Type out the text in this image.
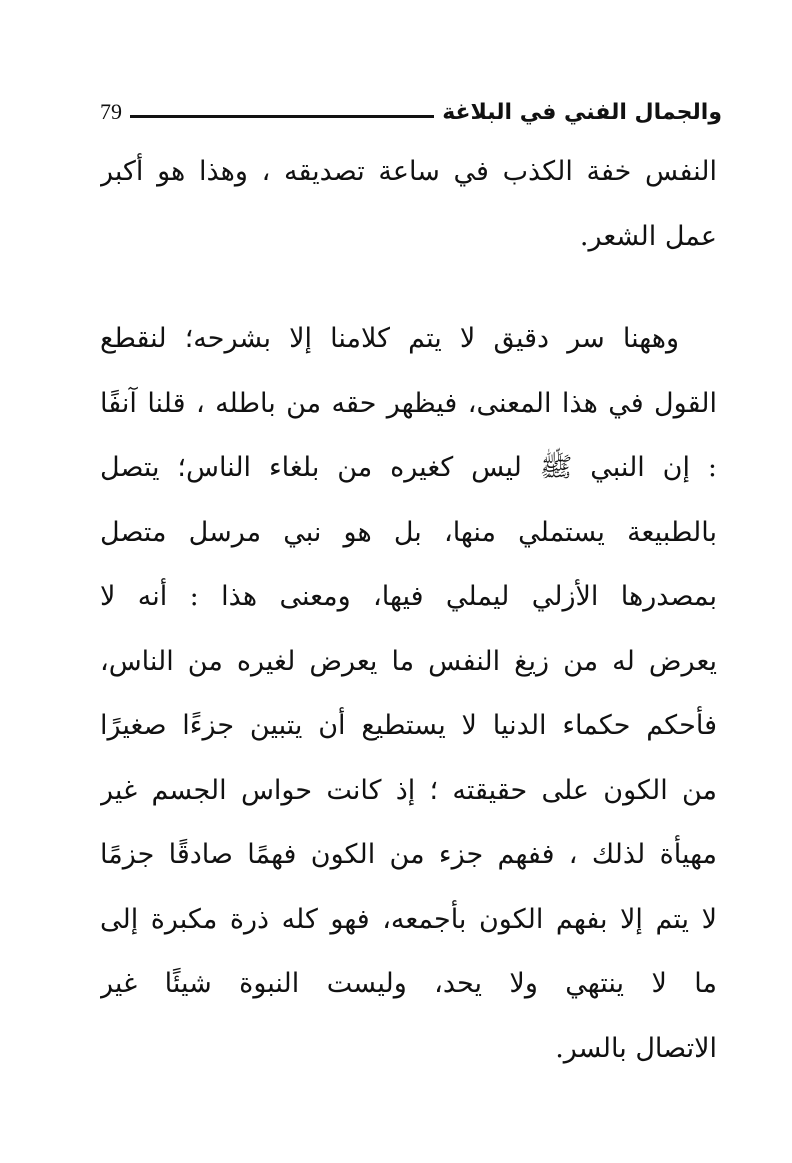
والجمال الفني في البلاغة
79

النفس خفة الكذب في ساعة تصديقه ، وهذا هو أكبر
عمل الشعر.

وههنا سر دقيق لا يتم كلامنا إلا بشرحه؛ لنقطع
القول في هذا المعنى، فيظهر حقه من باطله ، قلنا آنفًا
: إن النبي ﷺ ليس كغيره من بلغاء الناس؛ يتصل
بالطبيعة يستملي منها، بل هو نبي مرسل متصل
بمصدرها الأزلي ليملي فيها، ومعنى هذا : أنه لا
يعرض له من زيغ النفس ما يعرض لغيره من الناس،
فأحكم حكماء الدنيا لا يستطيع أن يتبين جزءًا صغيرًا
من الكون على حقيقته ؛ إذ كانت حواس الجسم غير
مهيأة لذلك ، ففهم جزء من الكون فهمًا صادقًا جزمًا
لا يتم إلا بفهم الكون بأجمعه، فهو كله ذرة مكبرة إلى
ما لا ينتهي ولا يحد، وليست النبوة شيئًا غير
الاتصال بالسر.
